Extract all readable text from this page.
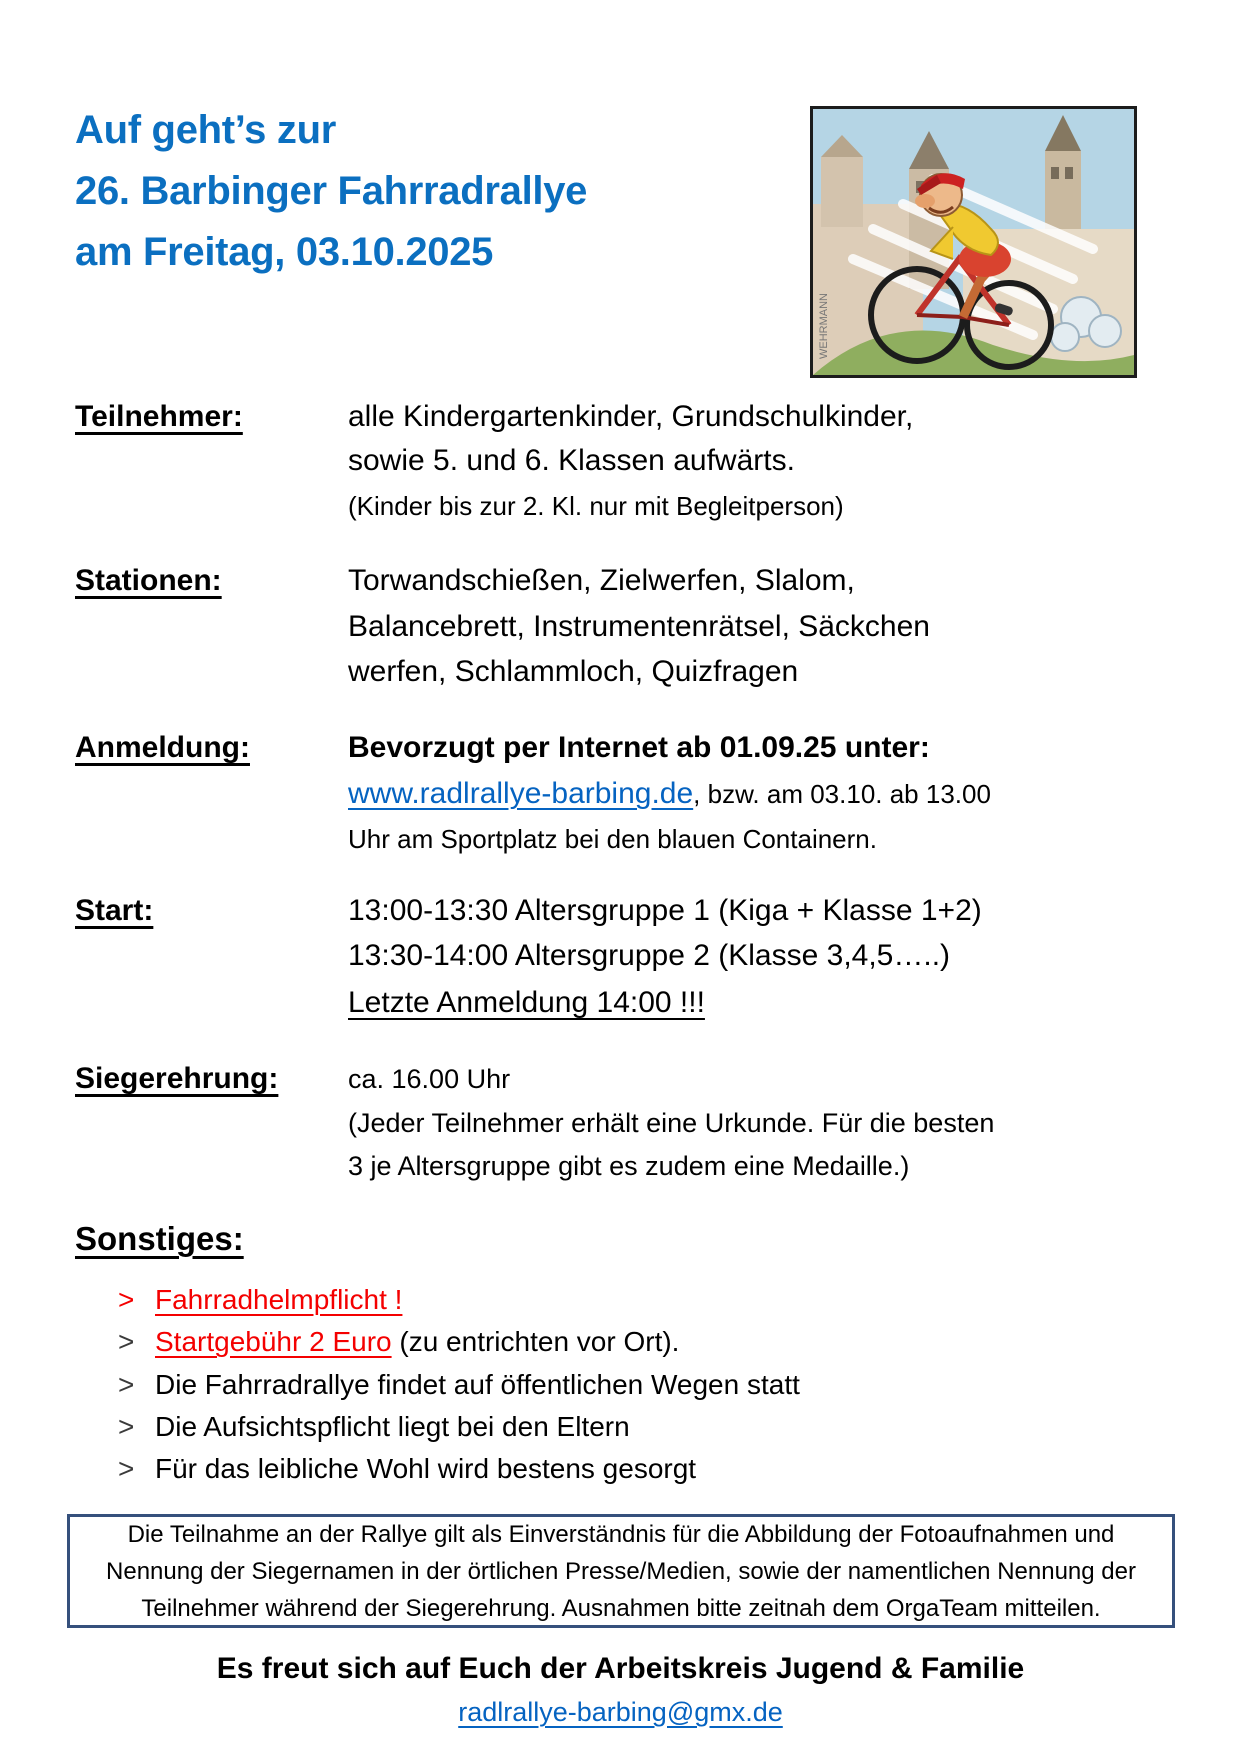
Auf geht’s zur
26. Barbinger Fahrradrallye
am Freitag, 03.10.2025
WEHRMANN
Teilnehmer:	alle Kindergartenkinder, Grundschulkinder,
sowie 5. und 6. Klassen aufwärts.
(Kinder bis zur 2. Kl. nur mit Begleitperson)
Stationen:	Torwandschießen, Zielwerfen, Slalom,
Balancebrett, Instrumentenrätsel, Säckchen
werfen, Schlammloch, Quizfragen
Anmeldung:	Bevorzugt per Internet ab 01.09.25 unter:
www.radlrallye-barbing.de, bzw. am 03.10. ab 13.00
Uhr am Sportplatz bei den blauen Containern.
Start:	13:00-13:30 Altersgruppe 1 (Kiga + Klasse 1+2)
13:30-14:00 Altersgruppe 2 (Klasse 3,4,5…..)
Letzte Anmeldung 14:00 !!!
Siegerehrung:	ca. 16.00 Uhr
(Jeder Teilnehmer erhält eine Urkunde. Für die besten
3 je Altersgruppe gibt es zudem eine Medaille.)
Sonstiges:
> Fahrradhelmpflicht !
> Startgebühr 2 Euro (zu entrichten vor Ort).
> Die Fahrradrallye findet auf öffentlichen Wegen statt
> Die Aufsichtspflicht liegt bei den Eltern
> Für das leibliche Wohl wird bestens gesorgt

Die Teilnahme an der Rallye gilt als Einverständnis für die Abbildung der Fotoaufnahmen und Nennung der Siegernamen in der örtlichen Presse/Medien, sowie der namentlichen Nennung der Teilnehmer während der Siegerehrung. Ausnahmen bitte zeitnah dem OrgaTeam mitteilen.

Es freut sich auf Euch der Arbeitskreis Jugend & Familie
radlrallye-barbing@gmx.de
